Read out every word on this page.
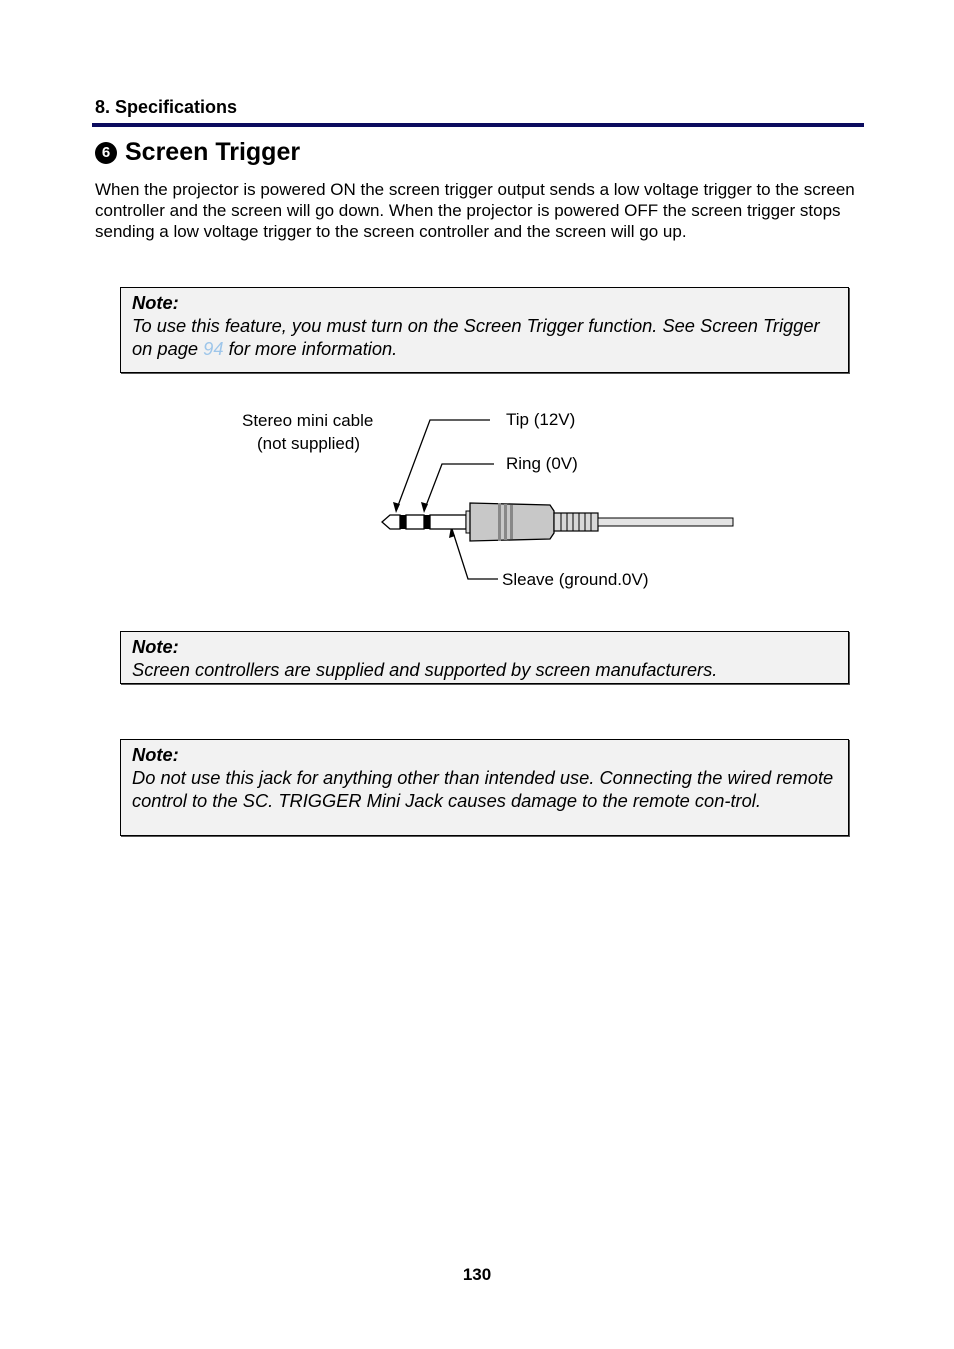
8. Specifications
6 Screen Trigger
When the projector is powered ON the screen trigger output sends a low voltage trigger to the screen controller and the screen will go down. When the projector is powered OFF the screen trigger stops sending a low voltage trigger to the screen controller and the screen will go up.
Note:
To use this feature, you must turn on the Screen Trigger function. See Screen Trigger on page 94 for more information.
Stereo mini cable
(not supplied)
Tip (12V)
Ring (0V)
Sleave (ground.0V)
Note:
Screen controllers are supplied and supported by screen manufacturers.
Note:
Do not use this jack for anything other than intended use. Connecting the wired remote control to the SC. TRIGGER Mini Jack causes damage to the remote con-trol.
130
